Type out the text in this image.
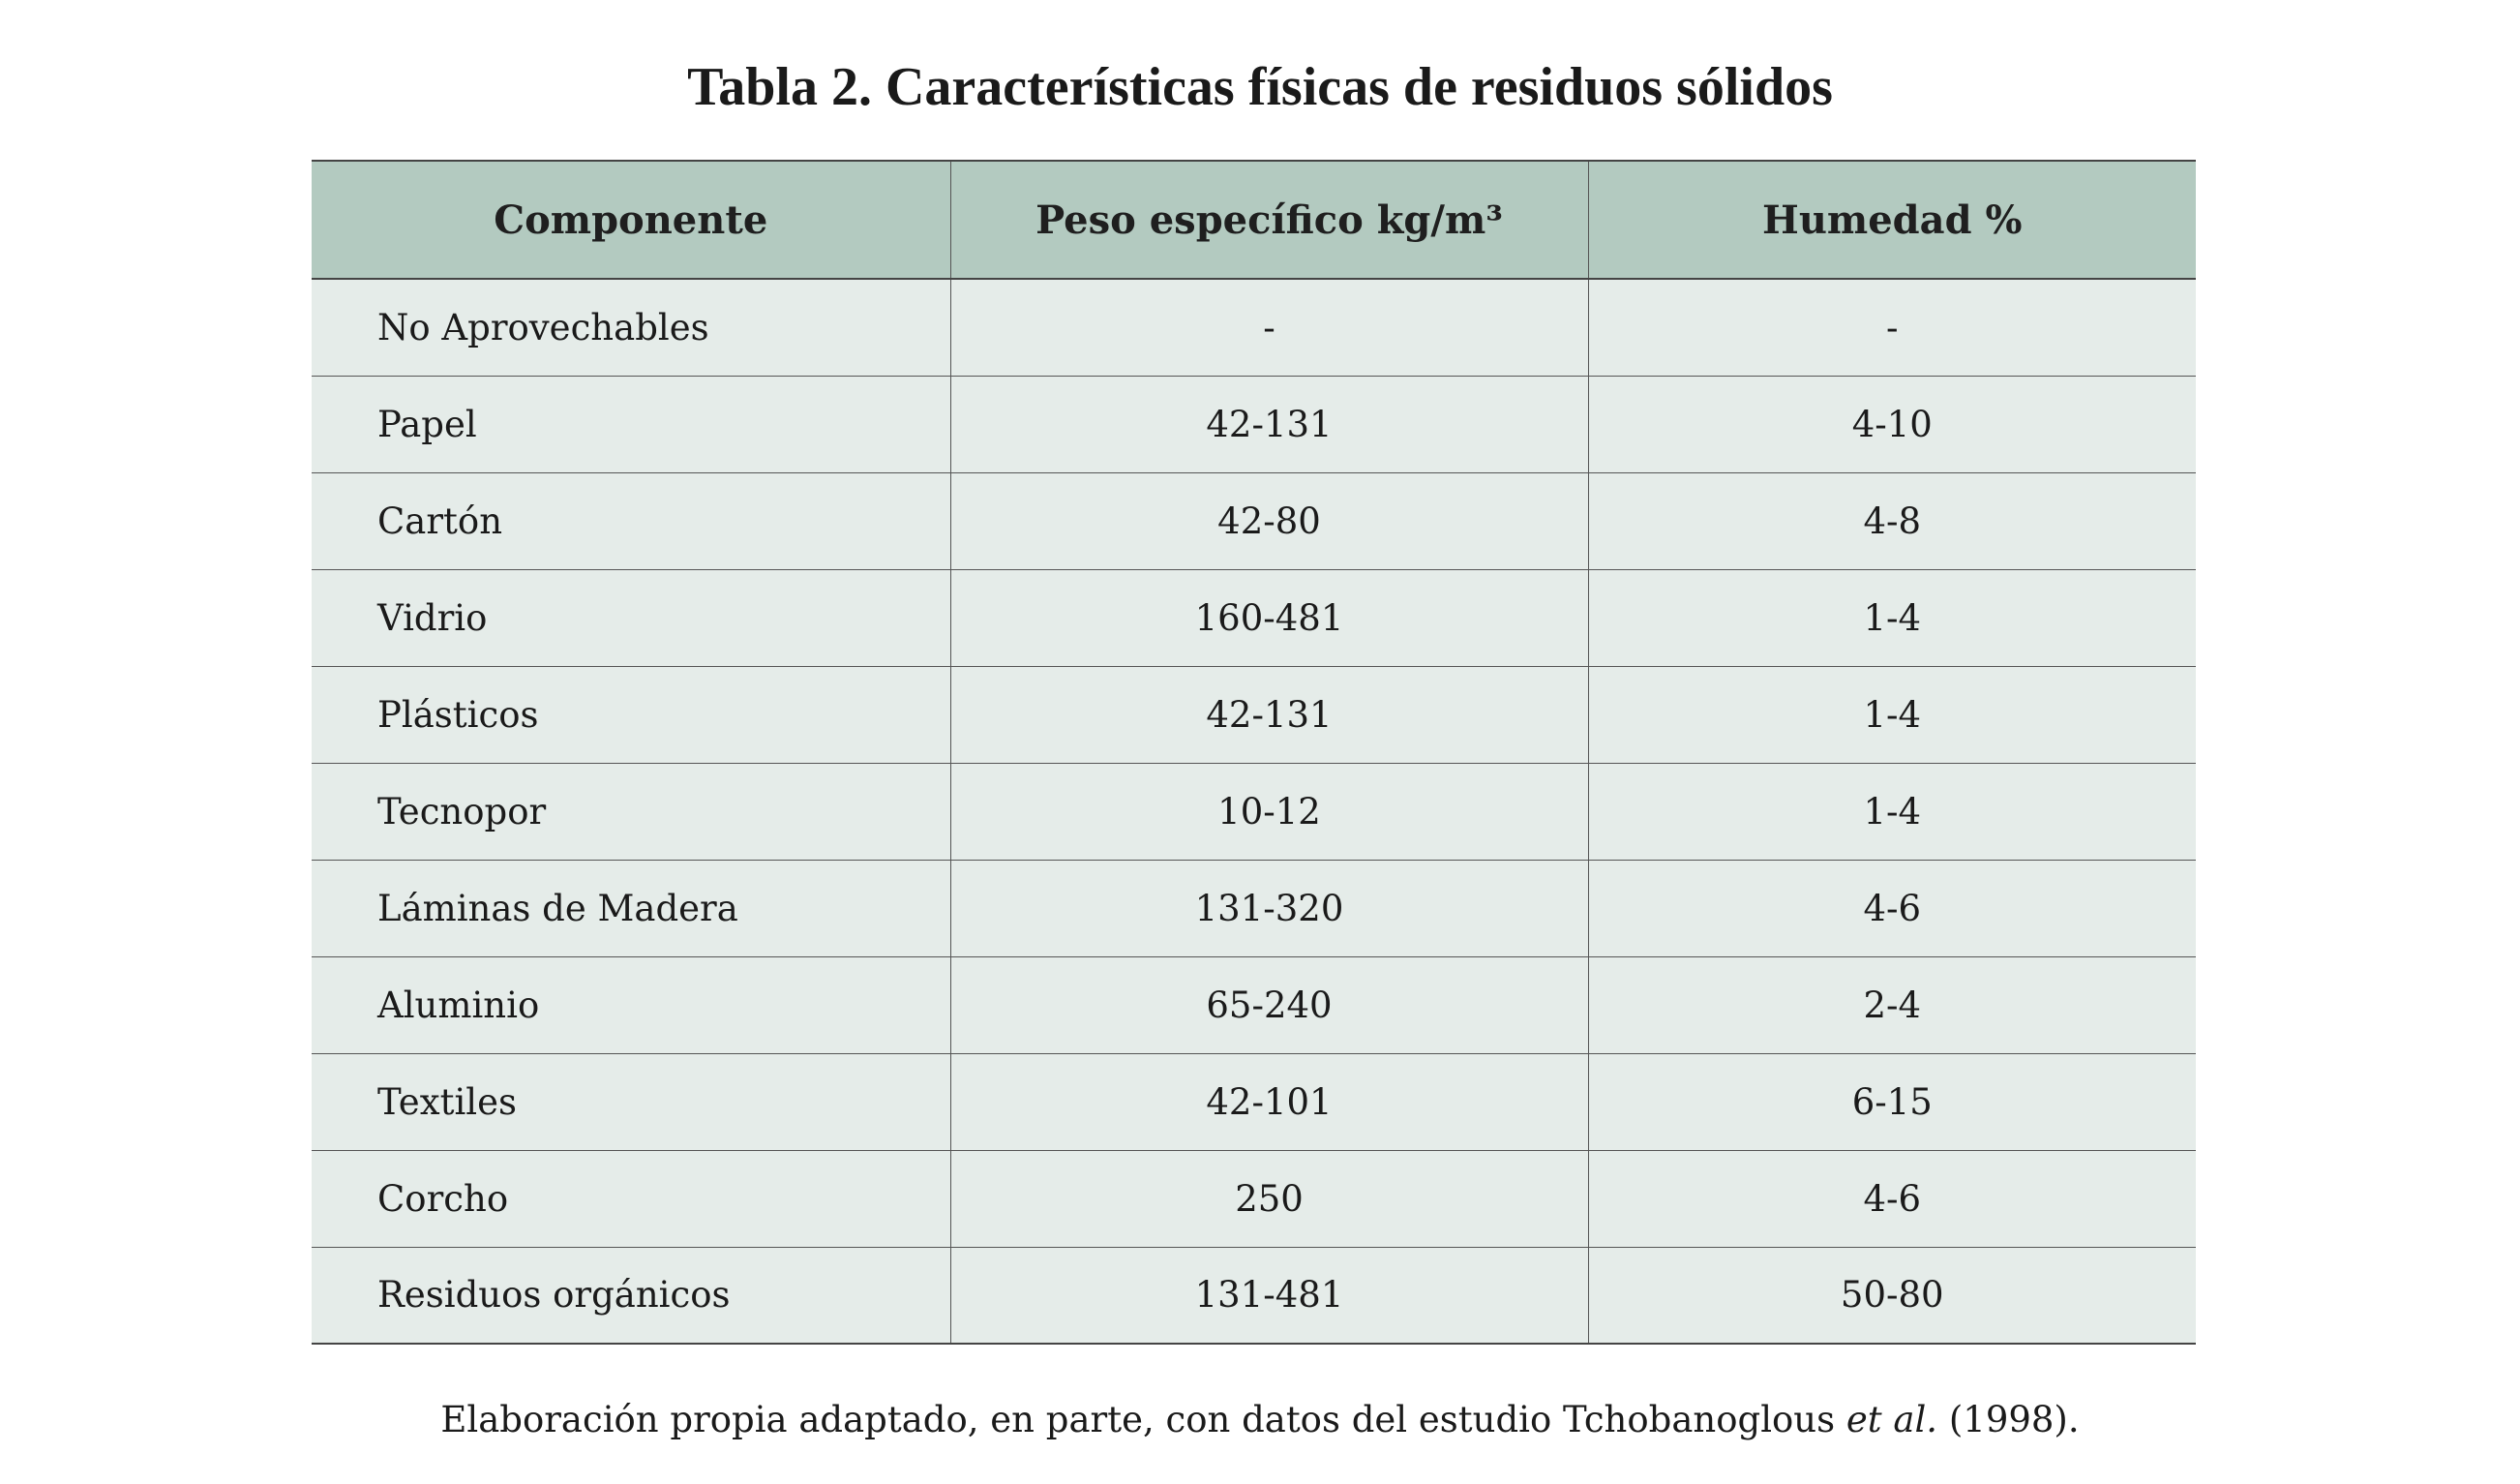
Tabla 2. Características físicas de residuos sólidos
Componente	Peso específico kg/m³	Humedad %
No Aprovechables	-	-
Papel	42-131	4-10
Cartón	42-80	4-8
Vidrio	160-481	1-4
Plásticos	42-131	1-4
Tecnopor	10-12	1-4
Láminas de Madera	131-320	4-6
Aluminio	65-240	2-4
Textiles	42-101	6-15
Corcho	250	4-6
Residuos orgánicos	131-481	50-80
Elaboración propia adaptado, en parte, con datos del estudio Tchobanoglous et al. (1998).
